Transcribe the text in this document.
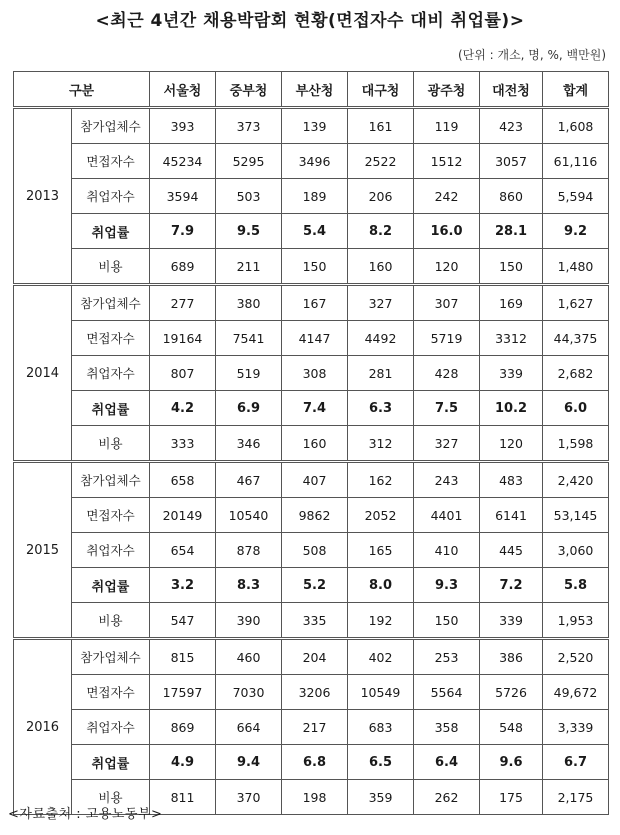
<최근 4년간 채용박람회 현황(면접자수 대비 취업률)>
(단위 : 개소, 명, %, 백만원)
구분		서울청	중부청	부산청	대구청	광주청	대전청	합계
2013	참가업체수	393	373	139	161	119	423	1,608
	면접자수	45234	5295	3496	2522	1512	3057	61,116
	취업자수	3594	503	189	206	242	860	5,594
	취업률	7.9	9.5	5.4	8.2	16.0	28.1	9.2
	비용	689	211	150	160	120	150	1,480
2014	참가업체수	277	380	167	327	307	169	1,627
	면접자수	19164	7541	4147	4492	5719	3312	44,375
	취업자수	807	519	308	281	428	339	2,682
	취업률	4.2	6.9	7.4	6.3	7.5	10.2	6.0
	비용	333	346	160	312	327	120	1,598
2015	참가업체수	658	467	407	162	243	483	2,420
	면접자수	20149	10540	9862	2052	4401	6141	53,145
	취업자수	654	878	508	165	410	445	3,060
	취업률	3.2	8.3	5.2	8.0	9.3	7.2	5.8
	비용	547	390	335	192	150	339	1,953
2016	참가업체수	815	460	204	402	253	386	2,520
	면접자수	17597	7030	3206	10549	5564	5726	49,672
	취업자수	869	664	217	683	358	548	3,339
	취업률	4.9	9.4	6.8	6.5	6.4	9.6	6.7
	비용	811	370	198	359	262	175	2,175
<자료출처 : 고용노동부>
